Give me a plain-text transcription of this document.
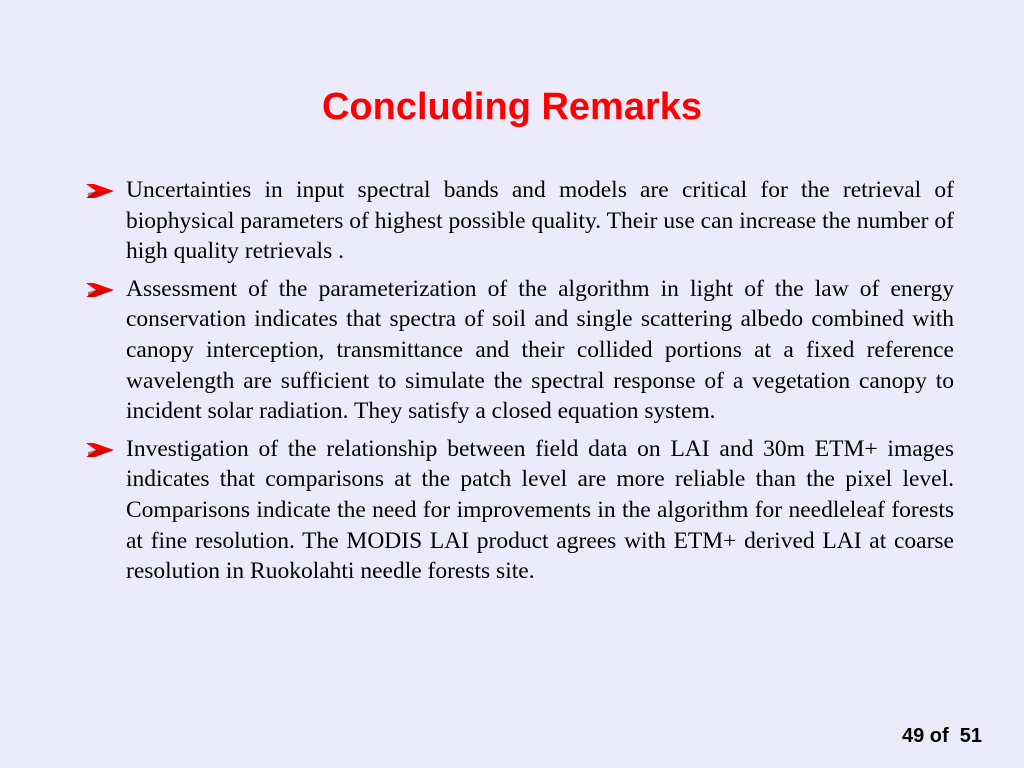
Concluding Remarks
Uncertainties in input spectral bands and models are critical for the retrieval of biophysical parameters of highest possible quality. Their use can increase the number of high quality retrievals .
Assessment of the parameterization of the algorithm in light of the law of energy conservation indicates that spectra of soil and single scattering albedo combined with canopy interception, transmittance and their collided portions at a fixed reference wavelength are sufficient to simulate the spectral response of a vegetation canopy to incident solar radiation. They satisfy a closed equation system.
Investigation of the relationship between field data on LAI and 30m ETM+ images indicates that comparisons at the patch level are more reliable than the pixel level. Comparisons indicate the need for improvements in the algorithm for needleleaf forests at fine resolution. The MODIS LAI product agrees with ETM+ derived LAI at coarse resolution in Ruokolahti needle forests site.
49 of  51
